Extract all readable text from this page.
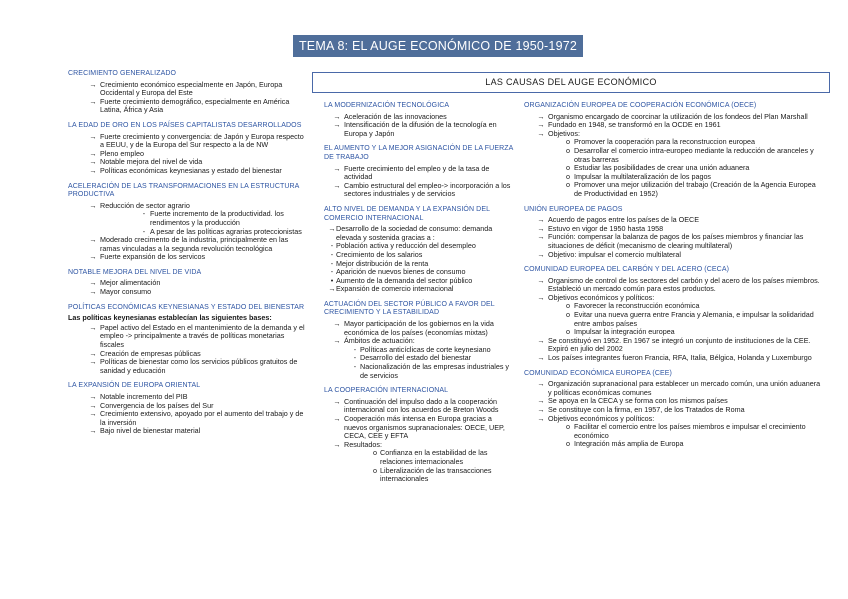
TEMA 8: EL AUGE ECONÓMICO DE 1950-1972
CRECIMIENTO GENERALIZADO
→ Crecimiento económico especialmente en Japón, Europa Occidental y Europa del Este
→ Fuerte crecimiento demográfico, especialmente en América Latina, África y Asia
LA EDAD DE ORO EN LOS PAÍSES CAPITALISTAS DESARROLLADOS
→ Fuerte crecimiento y convergencia: de Japón y Europa respecto a EEUU, y de la Europa del Sur respecto a la de NW
→ Pleno empleo
→ Notable mejora del nivel de vida
→ Políticas económicas keynesianas y estado del bienestar
ACELERACIÓN DE LAS TRANSFORMACIONES EN LA ESTRUCTURA PRODUCTIVA
→ Reducción de sector agrario
- Fuerte incremento de la productividad. los rendimentos y la producción
- A pesar de las políticas agrarias proteccionistas
→ Moderado crecimento de la industria, principalmente en las ramas vinculadas a la segunda revolución tecnológica
→ Fuerte expansión de los servicos
NOTABLE MEJORA DEL NIVEL DE VIDA
→ Mejor alimentación
→ Mayor consumo
POLÍTICAS ECONÓMICAS KEYNESIANAS Y ESTADO DEL BIENESTAR
Las políticas keynesianas establecían las siguientes bases:
→ Papel activo del Estado en el mantenimiento de la demanda y el empleo -> principalmente a través de políticas monetarias fiscales
→ Creación de empresas públicas
→ Políticas de bienestar como los servicios públicos gratuitos de sanidad y educación
LA EXPANSIÓN DE EUROPA ORIENTAL
→ Notable incremento del PIB
→ Convergencia de los países del Sur
→ Crecimiento extensivo, apoyado por el aumento del trabajo y de la inversión
→ Bajo nivel de bienestar material
LAS CAUSAS DEL AUGE ECONÓMICO
LA MODERNIZACIÓN TECNOLÓGICA
→ Aceleración de las innovaciones
→ Intensificación de la difusión de la tecnología en Europa y Japón
EL AUMENTO Y LA MEJOR ASIGNACIÓN DE LA FUERZA DE TRABAJO
→ Fuerte crecimiento del empleo y de la tasa de actividad
→ Cambio estructural del empleo-> incorporación a los sectores industriales y de servicios
ALTO NIVEL DE DEMANDA Y LA EXPANSIÓN DEL COMERCIO INTERNACIONAL
→ Desarrollo de la sociedad de consumo: demanda elevada y sostenida gracias a :
- Población activa y reducción del desempleo
- Crecimiento de los salarios
- Mejor distribución de la renta
- Aparición de nuevos bienes de consumo
• Aumento de la demanda del sector público
→ Expansión de comercio internacional
ACTUACIÓN DEL SECTOR PÚBLICO A FAVOR DEL CRECIMIENTO Y LA ESTABILIDAD
→ Mayor participación de los gobiernos en la vida económica de los países (economías mixtas)
→ Ámbitos de actuación:
- Políticas anticíclicas de corte keynesiano
- Desarrollo del estado del bienestar
- Nacionalización de las empresas industriales y de servicios
LA COOPERACIÓN INTERNACIONAL
→ Continuación del impulso dado a la cooperación internacional con los acuerdos de Breton Woods
→ Cooperación más intensa en Europa gracias a nuevos organismos supranacionales: OECE, UEP, CECA, CEE y EFTA
→ Resultados:
o Confianza en la estabilidad de las relaciones internacionales
o Liberalización de las transacciones internacionales
ORGANIZACIÓN EUROPEA DE COOPERACIÓN ECONÓMICA (OECE)
→ Organismo encargado de coorcinar la utilización de los fondeos del Plan Marshall
→ Fundado en 1948, se transformó en la OCDE en 1961
→ Objetivos:
o Promover la cooperación para la reconstruccion europea
o Desarrollar el comercio intra-europeo mediante la reducción de aranceles y otras barreras
o Estudiar las posibilidades de crear una unión aduanera
o Impulsar la multilateralización de los pagos
o Promover una mejor utilización del trabajo (Creación de la Agencia Europea de Productividad en 1952)
UNIÓN EUROPEA DE PAGOS
→ Acuerdo de pagos entre los países de la OECE
→ Estuvo en vigor de 1950 hasta 1958
→ Función: compensar la balanza de pagos de los países miembros y financiar las situaciones de déficit (mecanismo de clearing multilateral)
→ Objetivo: impulsar el comercio multilateral
COMUNIDAD EUROPEA DEL CARBÓN Y DEL ACERO (CECA)
→ Organismo de control de los sectores del carbón y del acero de los países miembros. Estableció un mercado común para estos productos.
→ Objetivos económicos y políticos:
o Favorecer la reconstrucción económica
o Evitar una nueva guerra entre Francia y Alemania, e impulsar la solidaridad entre ambos países
o Impulsar la integración europea
→ Se constituyó en 1952. En 1967 se integró un conjunto de instituciones de la CEE. Expiró en julio del 2002
→ Los países integrantes fueron Francia, RFA, Italia, Bélgica, Holanda y Luxemburgo
COMUNIDAD ECONÓMICA EUROPEA (CEE)
→ Organización supranacional para establecer un mercado común, una unión aduanera y políticas económicas comunes
→ Se apoya en la CECA y se forma con los mismos países
→ Se constituye con la firma, en 1957, de los Tratados de Roma
→ Objetivos económicos y políticos:
o Facilitar el comercio entre los países miembros e impulsar el crecimiento económico
o Integración más amplia de Europa
